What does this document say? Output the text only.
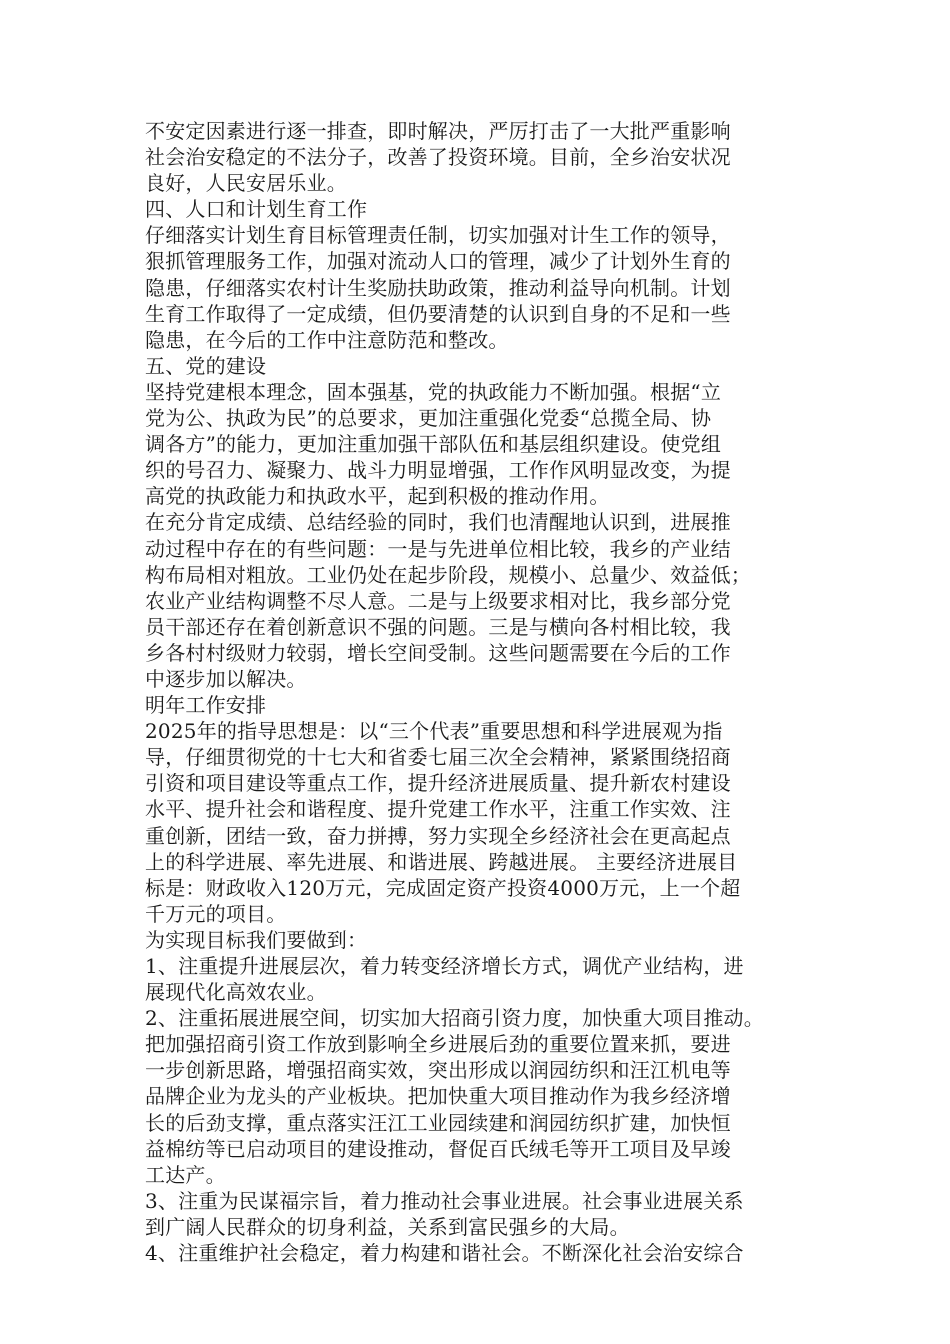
不安定因素进行逐一排查，即时解决，严厉打击了一大批严重影响
社会治安稳定的不法分子，改善了投资环境。目前，全乡治安状况
良好，人民安居乐业。
四、人口和计划生育工作
仔细落实计划生育目标管理责任制，切实加强对计生工作的领导，
狠抓管理服务工作，加强对流动人口的管理，减少了计划外生育的
隐患，仔细落实农村计生奖励扶助政策，推动利益导向机制。计划
生育工作取得了一定成绩，但仍要清楚的认识到自身的不足和一些
隐患，在今后的工作中注意防范和整改。
五、党的建设
坚持党建根本理念，固本强基，党的执政能力不断加强。根据“立
党为公、执政为民”的总要求，更加注重强化党委“总揽全局、协
调各方”的能力，更加注重加强干部队伍和基层组织建设。使党组
织的号召力、凝聚力、战斗力明显增强，工作作风明显改变，为提
高党的执政能力和执政水平，起到积极的推动作用。
在充分肯定成绩、总结经验的同时，我们也清醒地认识到，进展推
动过程中存在的有些问题：一是与先进单位相比较，我乡的产业结
构布局相对粗放。工业仍处在起步阶段，规模小、总量少、效益低；
农业产业结构调整不尽人意。二是与上级要求相对比，我乡部分党
员干部还存在着创新意识不强的问题。三是与横向各村相比较，我
乡各村村级财力较弱，增长空间受制。这些问题需要在今后的工作
中逐步加以解决。
明年工作安排
2025年的指导思想是：以“三个代表”重要思想和科学进展观为指
导，仔细贯彻党的十七大和省委七届三次全会精神，紧紧围绕招商
引资和项目建设等重点工作，提升经济进展质量、提升新农村建设
水平、提升社会和谐程度、提升党建工作水平，注重工作实效、注
重创新，团结一致，奋力拼搏，努力实现全乡经济社会在更高起点
上的科学进展、率先进展、和谐进展、跨越进展。 主要经济进展目
标是：财政收入120万元，完成固定资产投资4000万元，上一个超
千万元的项目。
为实现目标我们要做到：
1、注重提升进展层次，着力转变经济增长方式，调优产业结构，进
展现代化高效农业。
2、注重拓展进展空间，切实加大招商引资力度，加快重大项目推动。
把加强招商引资工作放到影响全乡进展后劲的重要位置来抓，要进
一步创新思路，增强招商实效，突出形成以润园纺织和汪江机电等
品牌企业为龙头的产业板块。把加快重大项目推动作为我乡经济增
长的后劲支撑，重点落实汪江工业园续建和润园纺织扩建，加快恒
益棉纺等已启动项目的建设推动，督促百氏绒毛等开工项目及早竣
工达产。
3、注重为民谋福宗旨，着力推动社会事业进展。社会事业进展关系
到广阔人民群众的切身利益，关系到富民强乡的大局。
4、注重维护社会稳定，着力构建和谐社会。不断深化社会治安综合
